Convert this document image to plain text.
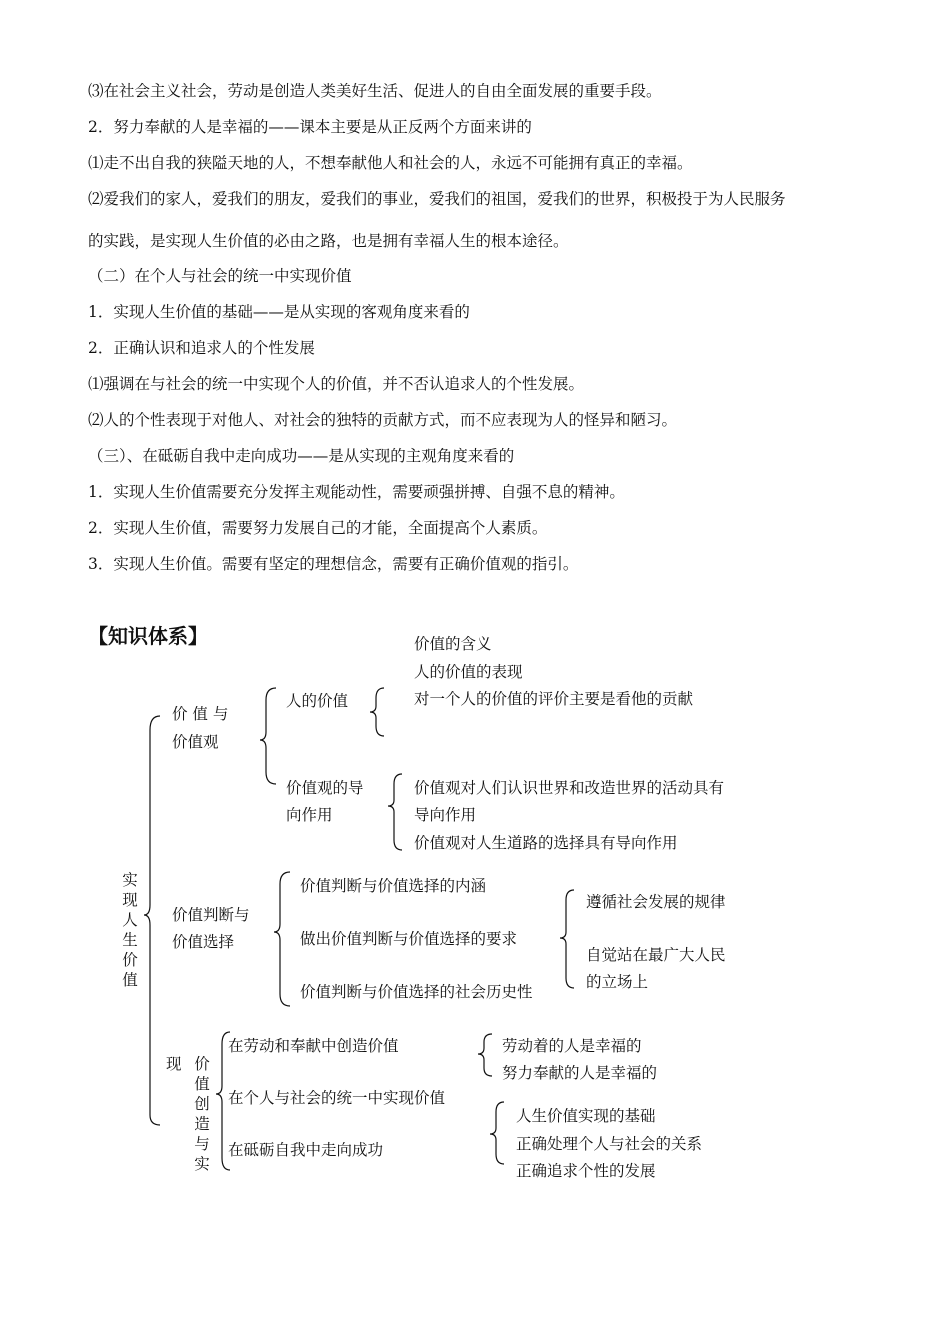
⑶在社会主义社会，劳动是创造人类美好生活、促进人的自由全面发展的重要手段。
2．努力奉献的人是幸福的——课本主要是从正反两个方面来讲的
⑴走不出自我的狭隘天地的人，不想奉献他人和社会的人，永远不可能拥有真正的幸福。
⑵爱我们的家人，爱我们的朋友，爱我们的事业，爱我们的祖国，爱我们的世界，积极投于为人民服务
的实践，是实现人生价值的必由之路，也是拥有幸福人生的根本途径。
（二）在个人与社会的统一中实现价值
1．实现人生价值的基础——是从实现的客观角度来看的
2．正确认识和追求人的个性发展
⑴强调在与社会的统一中实现个人的价值，并不否认追求人的个性发展。
⑵人的个性表现于对他人、对社会的独特的贡献方式，而不应表现为人的怪异和陋习。
（三）、在砥砺自我中走向成功——是从实现的主观角度来看的
1．实现人生价值需要充分发挥主观能动性，需要顽强拼搏、自强不息的精神。
2．实现人生价值，需要努力发展自己的才能，全面提高个人素质。
3．实现人生价值。需要有坚定的理想信念，需要有正确价值观的指引。
【知识体系】
实现人生价值
价 值 与
价值观
人的价值
价值的含义
人的价值的表现
对一个人的价值的评价主要是看他的贡献
价值观的导
向作用
价值观对人们认识世界和改造世界的活动具有
导向作用
价值观对人生道路的选择具有导向作用
价值判断与
价值选择
价值判断与价值选择的内涵
做出价值判断与价值选择的要求
价值判断与价值选择的社会历史性
遵循社会发展的规律
自觉站在最广大人民
的立场上
现 价值创造与实
在劳动和奉献中创造价值
在个人与社会的统一中实现价值
在砥砺自我中走向成功
劳动着的人是幸福的
努力奉献的人是幸福的
人生价值实现的基础
正确处理个人与社会的关系
正确追求个性的发展
